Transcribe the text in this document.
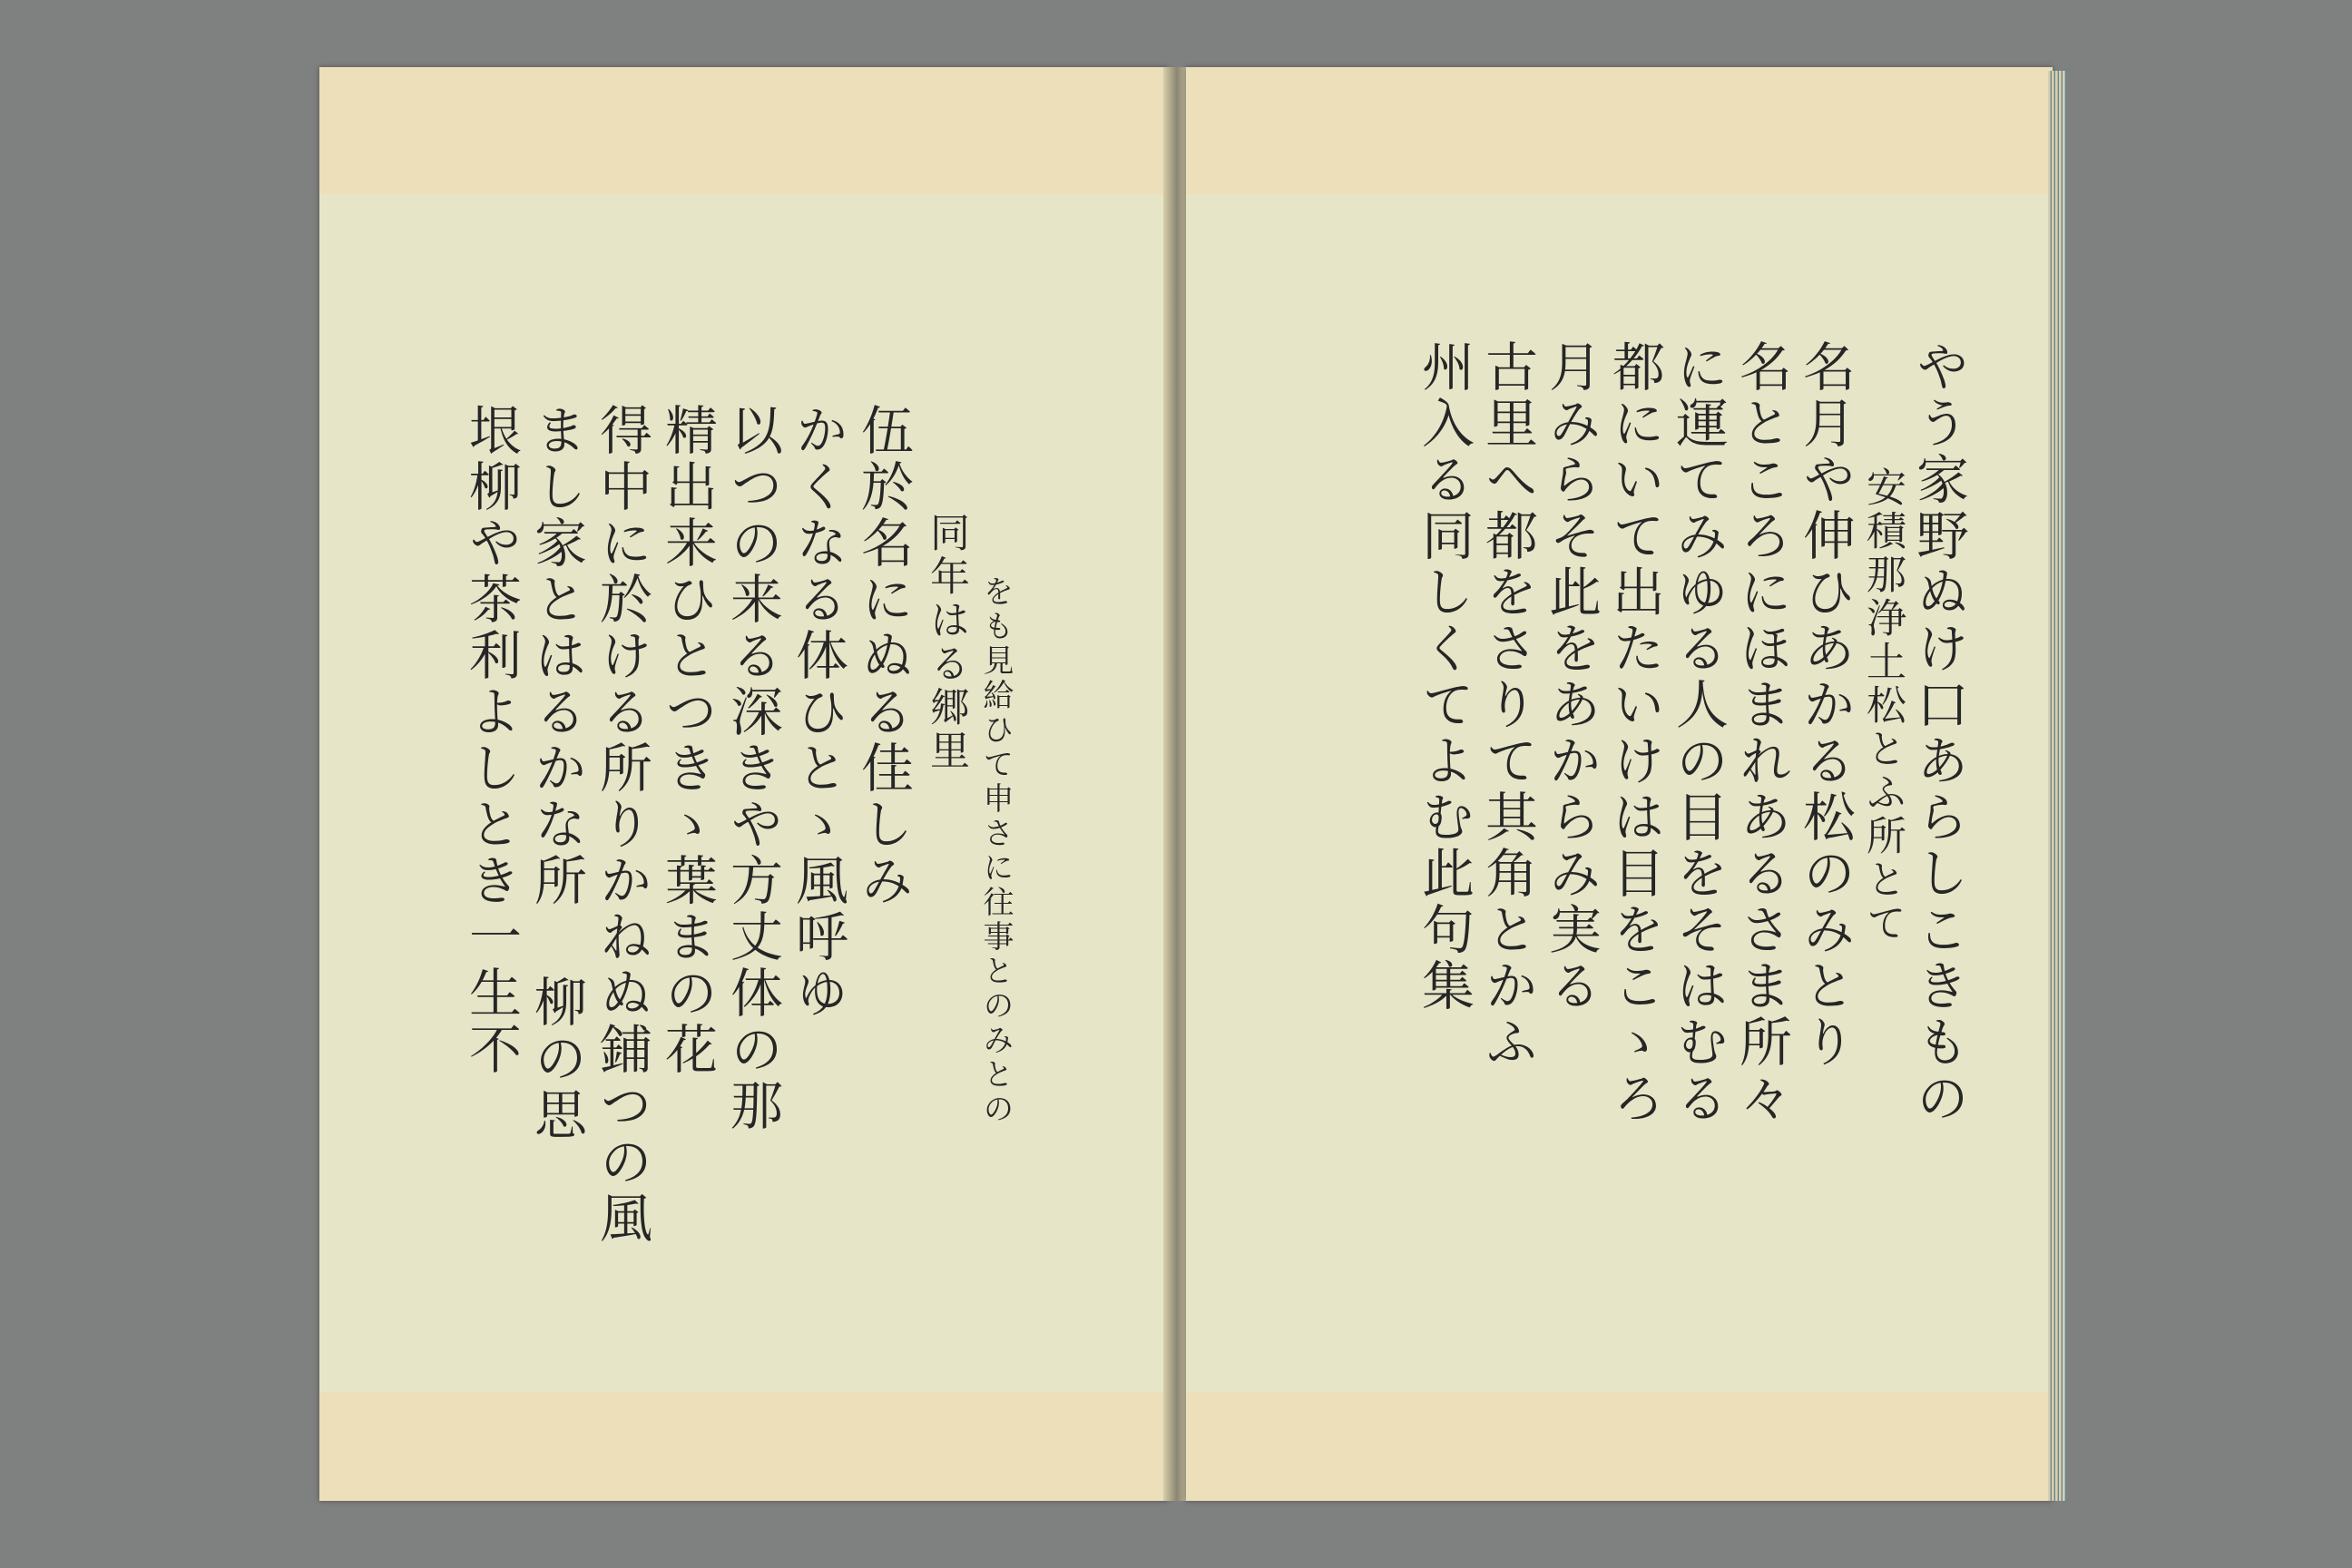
をも見給ひて申さに往事とのみとの
同年はる郷里
伍於名にぬる佳しみ
かくなる体ひとゝ風呼ゆ
以つの来る深きや方丈体の那
精出来ひとつきゝ葉まの花
得中に於ける所りかねぬ鋪つの風
まし家とはるかな所 柳の思
垠柳や茶利よしとき一生不	やう家野ぬけ口あらしこきもの
安積那浄土松とふ所とて
名月や伸ひあかる松のみとり
名ところにほまれあるさま所々
に運てみゆる人の目をそはむる
都にいて出たいけは目をこゝろ
月みらそ此をあからみ実る
古里へ都をさりて其角とかふ
州入る同しくてよむ此句集
